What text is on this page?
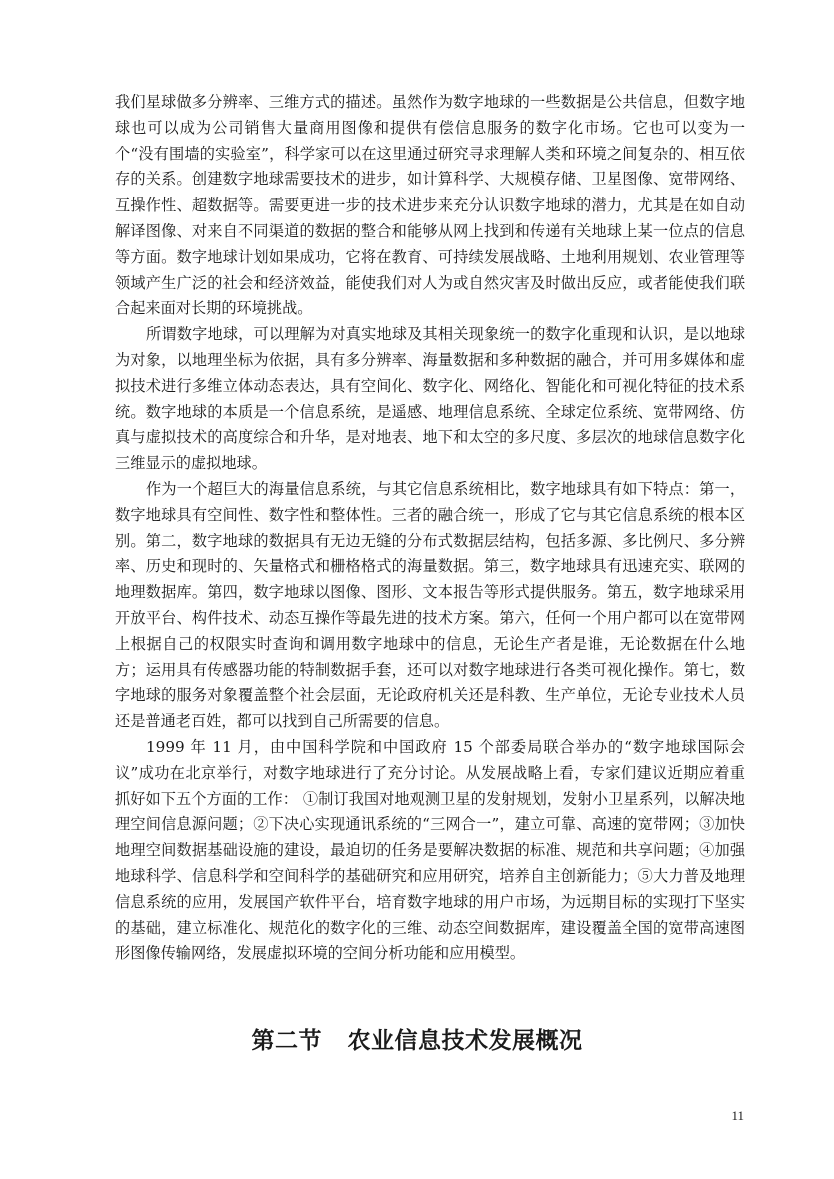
我们星球做多分辨率、三维方式的描述。虽然作为数字地球的一些数据是公共信息，但数字地球也可以成为公司销售大量商用图像和提供有偿信息服务的数字化市场。它也可以变为一个“没有围墙的实验室”，科学家可以在这里通过研究寻求理解人类和环境之间复杂的、相互依存的关系。创建数字地球需要技术的进步，如计算科学、大规模存储、卫星图像、宽带网络、互操作性、超数据等。需要更进一步的技术进步来充分认识数字地球的潜力，尤其是在如自动解译图像、对来自不同渠道的数据的整合和能够从网上找到和传递有关地球上某一位点的信息等方面。数字地球计划如果成功，它将在教育、可持续发展战略、土地利用规划、农业管理等领域产生广泛的社会和经济效益，能使我们对人为或自然灾害及时做出反应，或者能使我们联合起来面对长期的环境挑战。

所谓数字地球，可以理解为对真实地球及其相关现象统一的数字化重现和认识，是以地球为对象，以地理坐标为依据，具有多分辨率、海量数据和多种数据的融合，并可用多媒体和虚拟技术进行多维立体动态表达，具有空间化、数字化、网络化、智能化和可视化特征的技术系统。数字地球的本质是一个信息系统，是遥感、地理信息系统、全球定位系统、宽带网络、仿真与虚拟技术的高度综合和升华，是对地表、地下和太空的多尺度、多层次的地球信息数字化三维显示的虚拟地球。

作为一个超巨大的海量信息系统，与其它信息系统相比，数字地球具有如下特点：第一，数字地球具有空间性、数字性和整体性。三者的融合统一，形成了它与其它信息系统的根本区别。第二，数字地球的数据具有无边无缝的分布式数据层结构，包括多源、多比例尺、多分辨率、历史和现时的、矢量格式和栅格格式的海量数据。第三，数字地球具有迅速充实、联网的地理数据库。第四，数字地球以图像、图形、文本报告等形式提供服务。第五，数字地球采用开放平台、构件技术、动态互操作等最先进的技术方案。第六，任何一个用户都可以在宽带网上根据自己的权限实时查询和调用数字地球中的信息，无论生产者是谁，无论数据在什么地方；运用具有传感器功能的特制数据手套，还可以对数字地球进行各类可视化操作。第七，数字地球的服务对象覆盖整个社会层面，无论政府机关还是科教、生产单位，无论专业技术人员还是普通老百姓，都可以找到自己所需要的信息。

1999 年 11 月，由中国科学院和中国政府 15 个部委局联合举办的“数字地球国际会议”成功在北京举行，对数字地球进行了充分讨论。从发展战略上看，专家们建议近期应着重抓好如下五个方面的工作： ①制订我国对地观测卫星的发射规划，发射小卫星系列，以解决地理空间信息源问题；②下决心实现通讯系统的“三网合一”，建立可靠、高速的宽带网；③加快地理空间数据基础设施的建设，最迫切的任务是要解决数据的标准、规范和共享问题；④加强地球科学、信息科学和空间科学的基础研究和应用研究，培养自主创新能力；⑤大力普及地理信息系统的应用，发展国产软件平台，培育数字地球的用户市场，为远期目标的实现打下坚实的基础，建立标准化、规范化的数字化的三维、动态空间数据库，建设覆盖全国的宽带高速图形图像传输网络，发展虚拟环境的空间分析功能和应用模型。

第二节   农业信息技术发展概况
11
